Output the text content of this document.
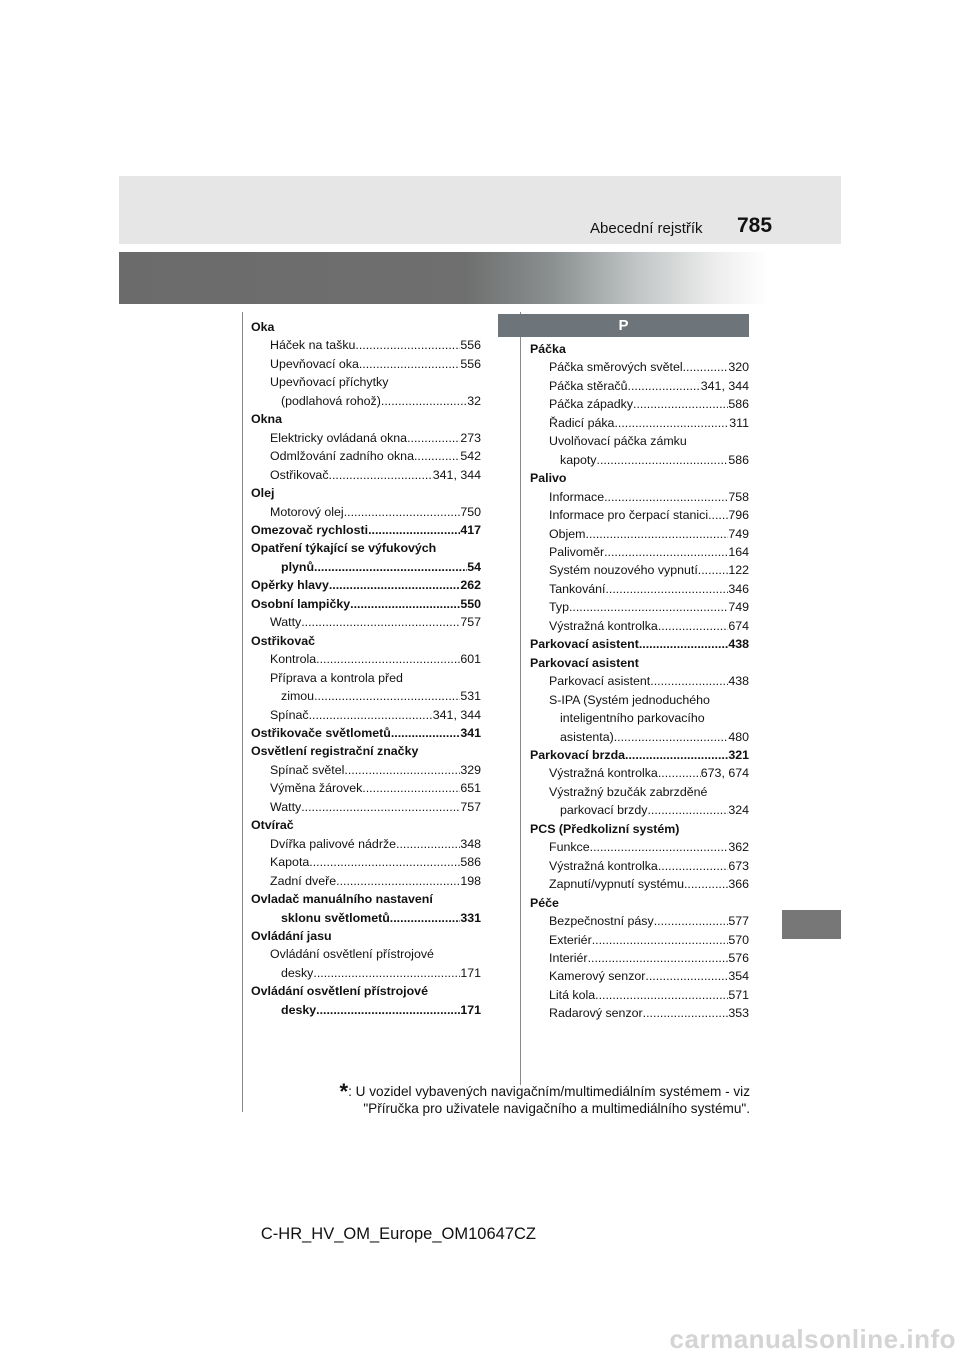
Abecední rejstřík 785
P
Oka
Háček na tašku .....	556
Upevňovací oka .....	556
Upevňovací příchytky
(podlahová rohož) .....	32
Okna
Elektricky ovládaná okna .....	273
Odmlžování zadního okna .....	542
Ostřikovač .....	341, 344
Olej
Motorový olej .....	750
Omezovač rychlosti .....	417
Opatření týkající se výfukových
plynů .....	54
Opěrky hlavy .....	262
Osobní lampičky .....	550
Watty .....	757
Ostřikovač
Kontrola .....	601
Příprava a kontrola před
zimou .....	531
Spínač .....	341, 344
Ostřikovače světlometů .....	341
Osvětlení registrační značky
Spínač světel .....	329
Výměna žárovek .....	651
Watty .....	757
Otvírač
Dvířka palivové nádrže .....	348
Kapota .....	586
Zadní dveře .....	198
Ovladač manuálního nastavení
sklonu světlometů .....	331
Ovládání jasu
Ovládání osvětlení přístrojové
desky .....	171
Ovládání osvětlení přístrojové
desky .....	171
Páčka
Páčka směrových světel .....	320
Páčka stěračů .....	341, 344
Páčka západky .....	586
Řadicí páka .....	311
Uvolňovací páčka zámku
kapoty .....	586
Palivo
Informace .....	758
Informace pro čerpací stanici ..... 796
Objem .....	749
Palivoměr .....	164
Systém nouzového vypnutí ..... 122
Tankování .....	346
Typ .....	749
Výstražná kontrolka .....	674
Parkovací asistent .....	438
Parkovací asistent
Parkovací asistent .....	438
S-IPA (Systém jednoduchého
inteligentního parkovacího
asistenta) .....	480
Parkovací brzda .....	321
Výstražná kontrolka .....	673, 674
Výstražný bzučák zabrzděné
parkovací brzdy .....	324
PCS (Předkolizní systém)
Funkce .....	362
Výstražná kontrolka .....	673
Zapnutí/vypnutí systému .....	366
Péče
Bezpečnostní pásy .....	577
Exteriér .....	570
Interiér .....	576
Kamerový senzor .....	354
Litá kola .....	571
Radarový senzor .....	353
*: U vozidel vybavených navigačním/multimediálním systémem - viz
"Příručka pro uživatele navigačního a multimediálního systému".
C-HR_HV_OM_Europe_OM10647CZ
carmanualsonline.info
